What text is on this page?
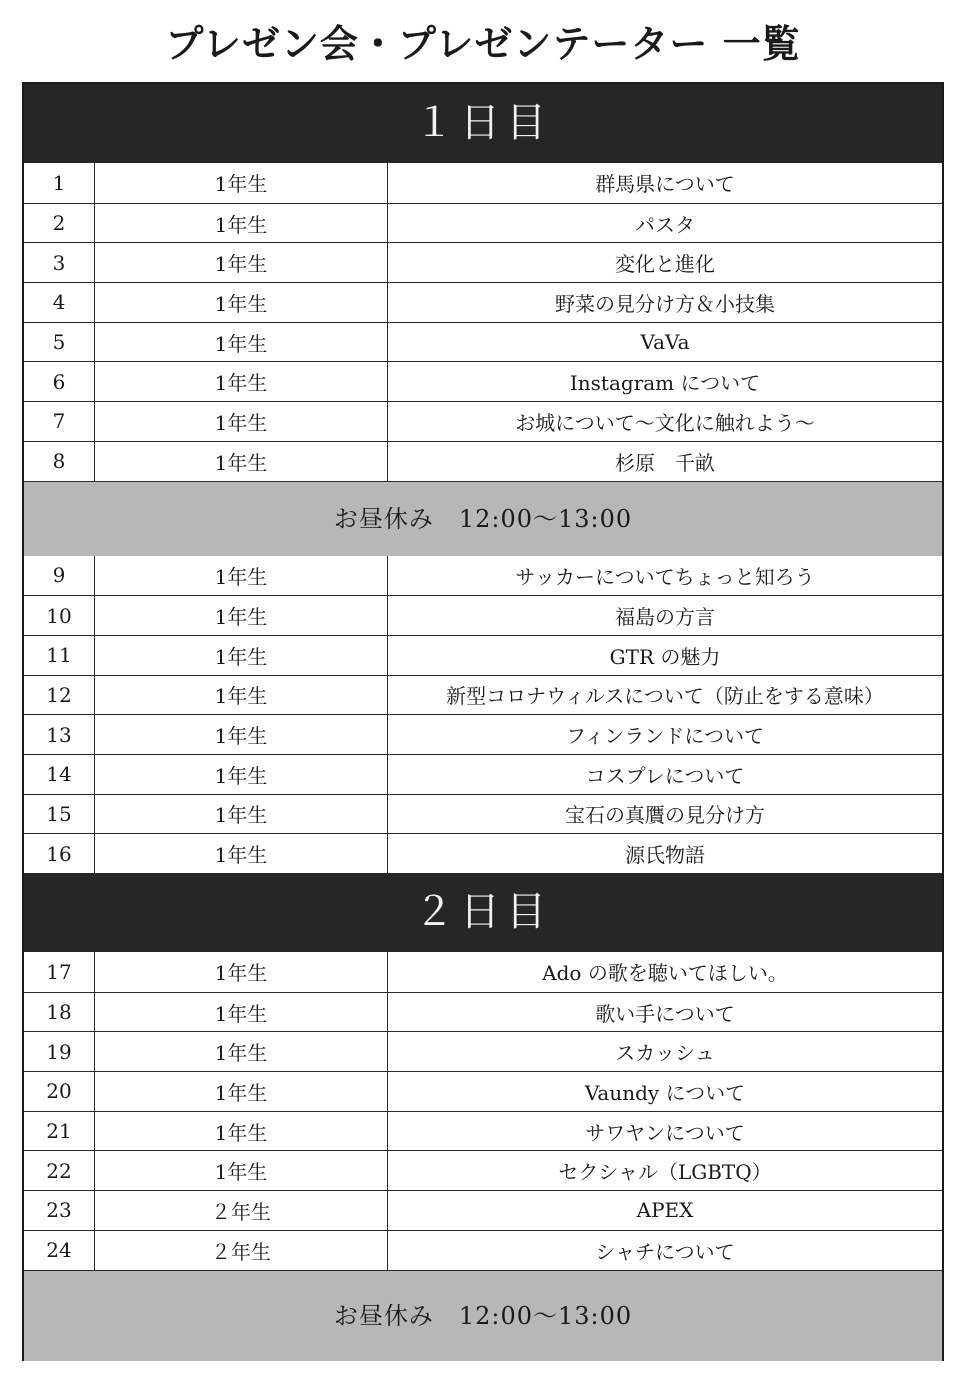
プレゼン会・プレゼンテーター 一覧
１日目
1	1年生	群馬県について
2	1年生	パスタ
3	1年生	変化と進化
4	1年生	野菜の見分け方＆小技集
5	1年生	VaVa
6	1年生	Instagram について
7	1年生	お城について～文化に触れよう～
8	1年生	杉原　千畝
お昼休み　12:00～13:00
9	1年生	サッカーについてちょっと知ろう
10	1年生	福島の方言
11	1年生	GTR の魅力
12	1年生	新型コロナウィルスについて（防止をする意味）
13	1年生	フィンランドについて
14	1年生	コスプレについて
15	1年生	宝石の真贋の見分け方
16	1年生	源氏物語
２日目
17	1年生	Ado の歌を聴いてほしい。
18	1年生	歌い手について
19	1年生	スカッシュ
20	1年生	Vaundy について
21	1年生	サワヤンについて
22	1年生	セクシャル（LGBTQ）
23	２年生	APEX
24	２年生	シャチについて
お昼休み　12:00～13:00
